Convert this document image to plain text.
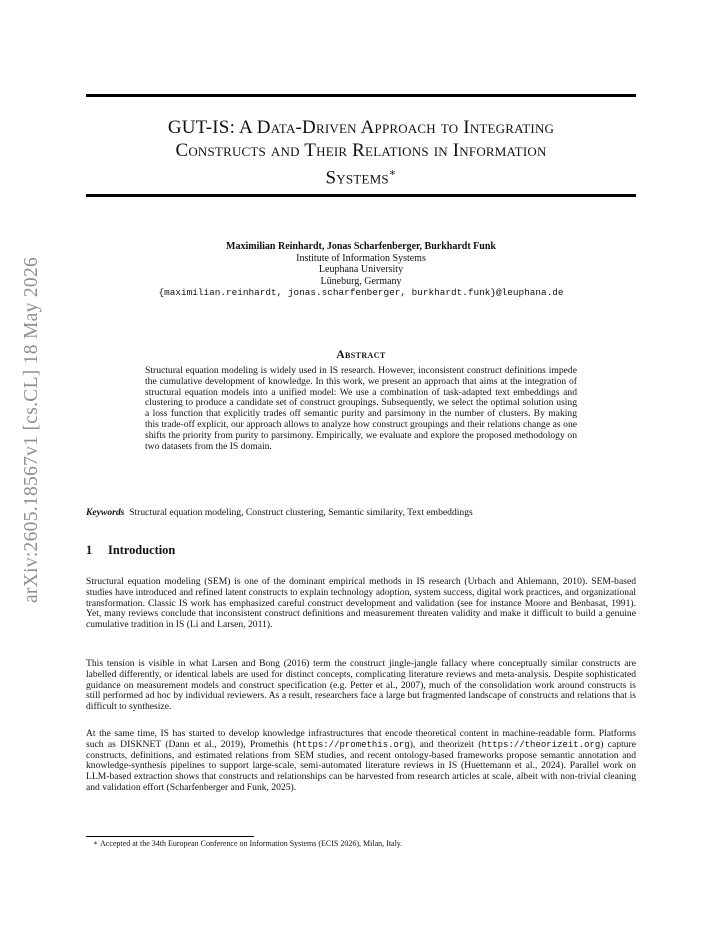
arXiv:2605.18567v1 [cs.CL] 18 May 2026
GUT-IS: A Data-Driven Approach to Integrating
Constructs and Their Relations in Information
Systems∗
Maximilian Reinhardt, Jonas Scharfenberger, Burkhardt Funk
Institute of Information Systems
Leuphana University
Lüneburg, Germany
{maximilian.reinhardt, jonas.scharfenberger, burkhardt.funk}@leuphana.de
Abstract
Structural equation modeling is widely used in IS research. However, inconsistent construct definitions impede the cumulative development of knowledge. In this work, we present an approach that aims at the integration of structural equation models into a unified model: We use a combination of task-adapted text embeddings and clustering to produce a candidate set of construct groupings. Subsequently, we select the optimal solution using a loss function that explicitly trades off semantic purity and parsimony in the number of clusters. By making this trade-off explicit, our approach allows to analyze how construct groupings and their relations change as one shifts the priority from purity to parsimony. Empirically, we evaluate and explore the proposed methodology on two datasets from the IS domain.
Keywords Structural equation modeling, Construct clustering, Semantic similarity, Text embeddings
1 Introduction
Structural equation modeling (SEM) is one of the dominant empirical methods in IS research (Urbach and Ahlemann, 2010). SEM-based studies have introduced and refined latent constructs to explain technology adoption, system success, digital work practices, and organizational transformation. Classic IS work has emphasized careful construct development and validation (see for instance Moore and Benbasat, 1991). Yet, many reviews conclude that inconsistent construct definitions and measurement threaten validity and make it difficult to build a genuine cumulative tradition in IS (Li and Larsen, 2011).
This tension is visible in what Larsen and Bong (2016) term the construct jingle-jangle fallacy where conceptually similar constructs are labelled differently, or identical labels are used for distinct concepts, complicating literature reviews and meta-analysis. Despite sophisticated guidance on measurement models and construct specification (e.g. Petter et al., 2007), much of the consolidation work around constructs is still performed ad hoc by individual reviewers. As a result, researchers face a large but fragmented landscape of constructs and relations that is difficult to synthesize.
At the same time, IS has started to develop knowledge infrastructures that encode theoretical content in machine-readable form. Platforms such as DISKNET (Dann et al., 2019), Promethis (https://promethis.org), and theorizeit (https://theorizeit.org) capture constructs, definitions, and estimated relations from SEM studies, and recent ontology-based frameworks propose semantic annotation and knowledge-synthesis pipelines to support large-scale, semi-automated literature reviews in IS (Huettemann et al., 2024). Parallel work on LLM-based extraction shows that constructs and relationships can be harvested from research articles at scale, albeit with non-trivial cleaning and validation effort (Scharfenberger and Funk, 2025).
∗ Accepted at the 34th European Conference on Information Systems (ECIS 2026), Milan, Italy.
